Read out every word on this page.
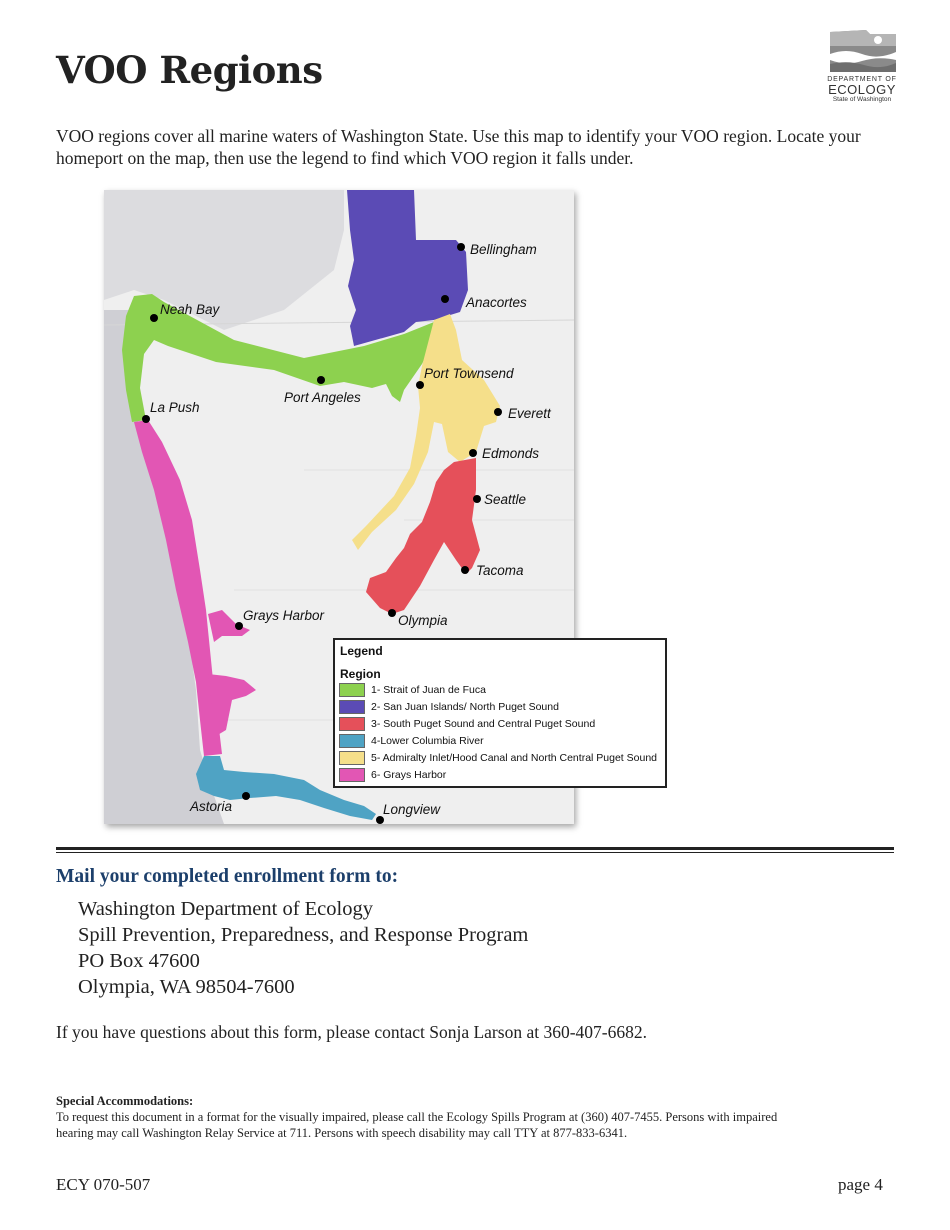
VOO Regions	DEPARTMENT OF
ECOLOGY
State of Washington

VOO regions cover all marine waters of Washington State. Use this map to identify your VOO region. Locate your homeport on the map, then use the legend to find which VOO region it falls under.

Bellingham
Anacortes
Neah Bay
Port Townsend
Port Angeles
Everett
La Push
Edmonds
Seattle
Tacoma
Grays Harbor	Olympia
Astoria	Longview
Legend
Region
1- Strait of Juan de Fuca
2- San Juan Islands/ North Puget Sound
3- South Puget Sound and Central Puget Sound
4-Lower Columbia River
5- Admiralty Inlet/Hood Canal and North Central Puget Sound
6- Grays Harbor
Mail your completed enrollment form to:
Washington Department of Ecology
Spill Prevention, Preparedness, and Response Program
PO Box 47600
Olympia, WA 98504-7600

If you have questions about this form, please contact Sonja Larson at 360-407-6682.

Special Accommodations:

To request this document in a format for the visually impaired, please call the Ecology Spills Program at (360) 407-7455. Persons with impaired hearing may call Washington Relay Service at 711. Persons with speech disability may call TTY at 877-833-6341.

ECY 070-507	page 4
